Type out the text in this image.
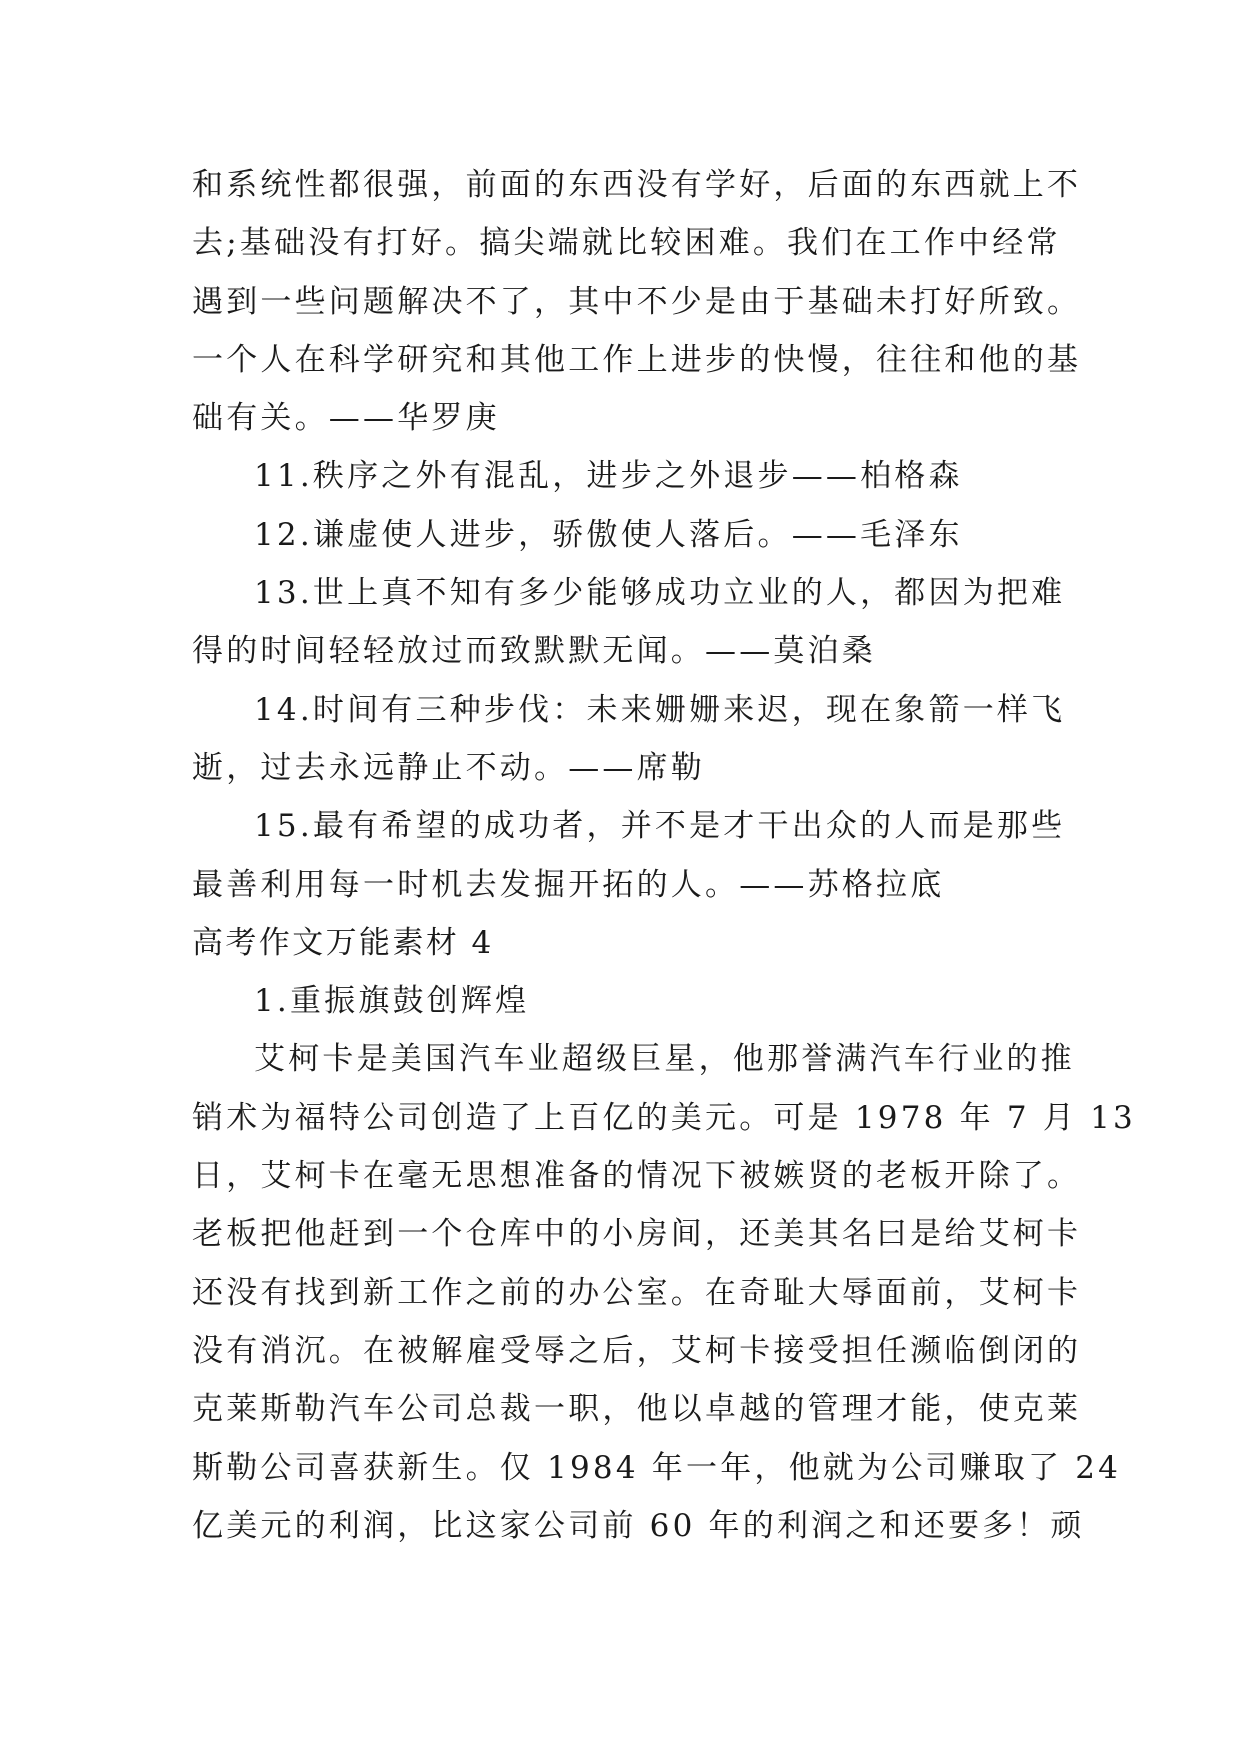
和系统性都很强，前面的东西没有学好，后面的东西就上不
去;基础没有打好。搞尖端就比较困难。我们在工作中经常
遇到一些问题解决不了，其中不少是由于基础未打好所致。
一个人在科学研究和其他工作上进步的快慢，往往和他的基
础有关。——华罗庚
11.秩序之外有混乱，进步之外退步——柏格森
12.谦虚使人进步，骄傲使人落后。——毛泽东
13.世上真不知有多少能够成功立业的人，都因为把难
得的时间轻轻放过而致默默无闻。——莫泊桑
14.时间有三种步伐：未来姗姗来迟，现在象箭一样飞
逝，过去永远静止不动。——席勒
15.最有希望的成功者，并不是才干出众的人而是那些
最善利用每一时机去发掘开拓的人。——苏格拉底
高考作文万能素材 4
1.重振旗鼓创辉煌
艾柯卡是美国汽车业超级巨星，他那誉满汽车行业的推
销术为福特公司创造了上百亿的美元。可是 1978 年 7 月 13
日，艾柯卡在毫无思想准备的情况下被嫉贤的老板开除了。
老板把他赶到一个仓库中的小房间，还美其名曰是给艾柯卡
还没有找到新工作之前的办公室。在奇耻大辱面前，艾柯卡
没有消沉。在被解雇受辱之后，艾柯卡接受担任濒临倒闭的
克莱斯勒汽车公司总裁一职，他以卓越的管理才能，使克莱
斯勒公司喜获新生。仅 1984 年一年，他就为公司赚取了 24
亿美元的利润，比这家公司前 60 年的利润之和还要多！顽
